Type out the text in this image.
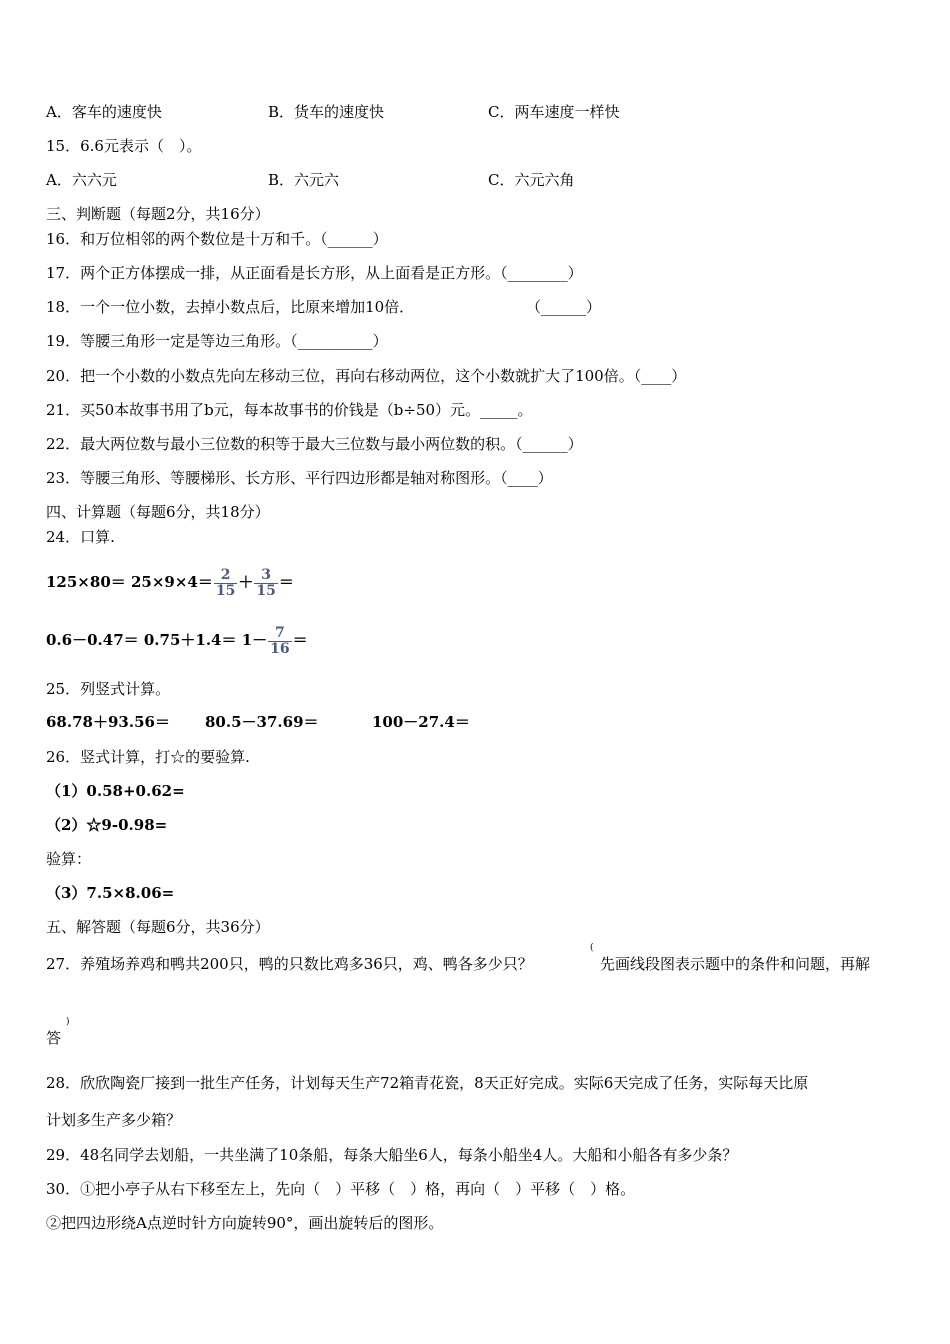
A．客车的速度快	B．货车的速度快	C．两车速度一样快
15．6.6元表示（　）。
A．六六元	B．六元六	C．六元六角
三、判断题（每题2分，共16分）
16．和万位相邻的两个数位是十万和千。（______）
17．两个正方体摆成一排，从正面看是长方形，从上面看是正方形。（________）
18．一个一位小数，去掉小数点后，比原来增加10倍．	（______）
19．等腰三角形一定是等边三角形。（__________）
20．把一个小数的小数点先向左移动三位，再向右移动两位，这个小数就扩大了100倍。（____）
21．买50本故事书用了b元，每本故事书的价钱是（b÷50）元。_____。
22．最大两位数与最小三位数的积等于最大三位数与最小两位数的积。（______）
23．等腰三角形、等腰梯形、长方形、平行四边形都是轴对称图形。（____）
四、计算题（每题6分，共18分）
24．口算.
$125\times 80= 25\times 9\times 4= \frac{2}{15} + \frac{3}{15}$ ＝
$0.6-0.47= 0.75+1.4= 1- \frac{7}{16}$ ＝
25．列竖式计算。
68.78＋93.56＝ 80.5－37.69＝	100－27.4＝
26．竖式计算，打☆的要验算.
（1）0.58+0.62=
（2）☆9-0.98=
验算：
（3）7.5×8.06=
五、解答题（每题6分，共36分）
27．养殖场养鸡和鸭共200只，鸭的只数比鸡多36只，鸡、鸭各多少只？
(
先画线段图表示题中的条件和问题，再解
)
答
28．欣欣陶瓷厂接到一批生产任务，计划每天生产72箱青花瓷，8天正好完成。实际6天完成了任务，实际每天比原
计划多生产多少箱？
29．48名同学去划船，一共坐满了10条船，每条大船坐6人，每条小船坐4人。大船和小船各有多少条？
30．①把小亭子从右下移至左上，先向（　）平移（　）格，再向（　）平移（　）格。
②把四边形绕A点逆时针方向旋转90°，画出旋转后的图形。
